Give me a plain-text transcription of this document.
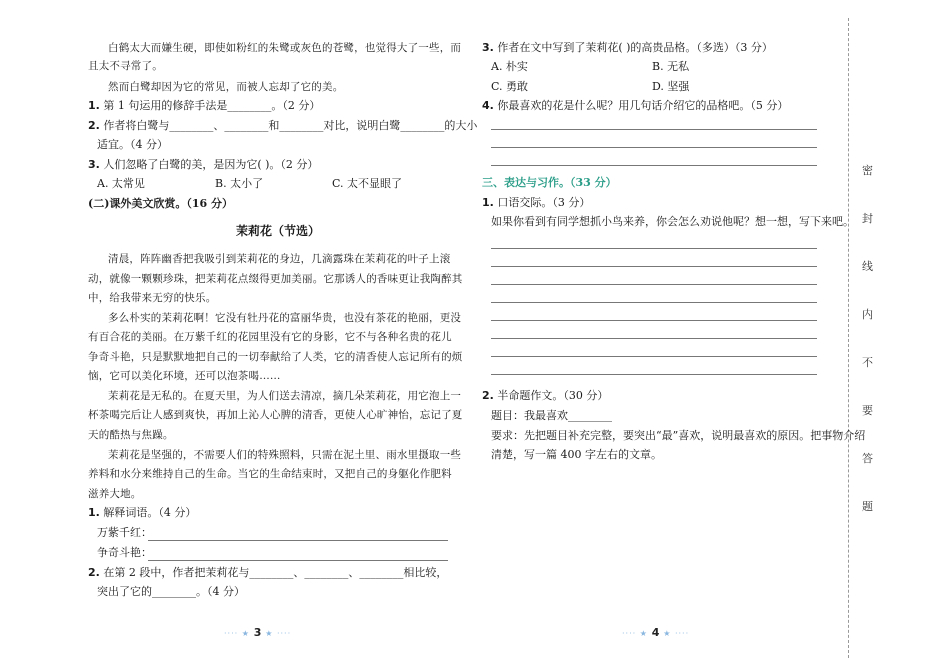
白鹤太大而嫌生硬，即使如粉红的朱鹭或灰色的苍鹭，也觉得大了一些，而
且太不寻常了。
然而白鹭却因为它的常见，而被人忘却了它的美。
1. 第 1 句运用的修辞手法是________。（2 分）
2. 作者将白鹭与________、________和________对比，说明白鹭________的大小
适宜。（4 分）
3. 人们忽略了白鹭的美，是因为它( )。（2 分）
A. 太常见	B. 太小了	C. 太不显眼了
(二)课外美文欣赏。（16 分）
茉莉花（节选）
清晨，阵阵幽香把我吸引到茉莉花的身边，几滴露珠在茉莉花的叶子上滚
动，就像一颗颗珍珠，把茉莉花点缀得更加美丽。它那诱人的香味更让我陶醉其
中，给我带来无穷的快乐。
多么朴实的茉莉花啊！它没有牡丹花的富丽华贵，也没有茶花的艳丽，更没
有百合花的美丽。在万紫千红的花园里没有它的身影，它不与各种名贵的花儿
争奇斗艳，只是默默地把自己的一切奉献给了人类，它的清香使人忘记所有的烦
恼，它可以美化环境，还可以泡茶喝……
茉莉花是无私的。在夏天里，为人们送去清凉，摘几朵茉莉花，用它泡上一
杯茶喝完后让人感到爽快，再加上沁人心脾的清香，更使人心旷神怡，忘记了夏
天的酷热与焦躁。
茉莉花是坚强的，不需要人们的特殊照料，只需在泥土里、雨水里摄取一些
养料和水分来维持自己的生命。当它的生命结束时，又把自己的身躯化作肥料
滋养大地。
1. 解释词语。（4 分）
万紫千红：
争奇斗艳：
2. 在第 2 段中，作者把茉莉花与________、________、________相比较，
突出了它的________。（4 分）
···· ★ 3 ★ ····
3. 作者在文中写到了茉莉花( )的高贵品格。（多选）（3 分）
A. 朴实	B. 无私
C. 勇敢	D. 坚强
4. 你最喜欢的花是什么呢？用几句话介绍它的品格吧。（5 分）
三、表达与习作。（33 分）
1. 口语交际。（3 分）
如果你看到有同学想抓小鸟来养，你会怎么劝说他呢？想一想，写下来吧。
2. 半命题作文。（30 分）
题目：我最喜欢________
要求：先把题目补充完整，要突出“最”喜欢，说明最喜欢的原因。把事物介绍
清楚，写一篇 400 字左右的文章。
···· ★ 4 ★ ····
密
封
线
内
不
要
答
题
